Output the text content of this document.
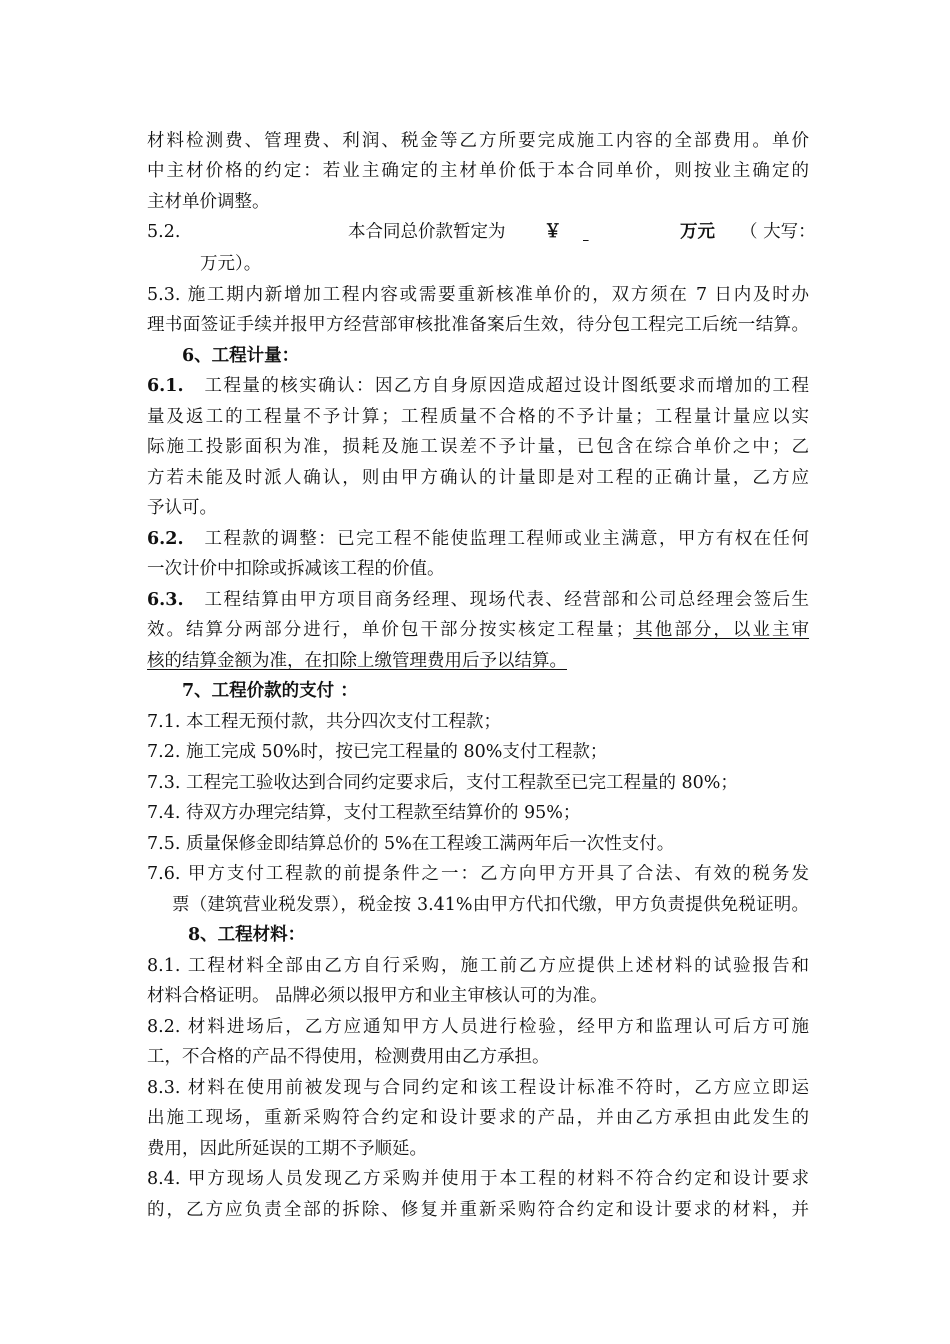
材料检测费、管理费、利润、税金等乙方所要完成施工内容的全部费用。单价
中主材价格的约定：若业主确定的主材单价低于本合同单价，则按业主确定的
主材单价调整。
5.2.	本合同总价款暂定为 ￥
	万元 （ 大写：
万元）。
5.3. 施工期内新增加工程内容或需要重新核准单价的，双方须在 7 日内及时办
理书面签证手续并报甲方经营部审核批准备案后生效，待分包工程完工后统一结算。
6、工程计量：
6.1. 工程量的核实确认：因乙方自身原因造成超过设计图纸要求而增加的工程
量及返工的工程量不予计算；工程质量不合格的不予计量；工程量计量应以实
际施工投影面积为准，损耗及施工误差不予计量，已包含在综合单价之中；乙
方若未能及时派人确认，则由甲方确认的计量即是对工程的正确计量，乙方应
予认可。
6.2. 工程款的调整：已完工程不能使监理工程师或业主满意，甲方有权在任何
一次计价中扣除或拆减该工程的价值。
6.3. 工程结算由甲方项目商务经理、现场代表、经营部和公司总经理会签后生
效。结算分两部分进行，单价包干部分按实核定工程量；其他部分，以业主审
核的结算金额为准，在扣除上缴管理费用后予以结算。
7、工程价款的支付 ：
7.1. 本工程无预付款，共分四次支付工程款；
7.2. 施工完成 50%时，按已完工程量的 80%支付工程款；
7.3. 工程完工验收达到合同约定要求后，支付工程款至已完工程量的 80%；
7.4. 待双方办理完结算，支付工程款至结算价的 95%；
7.5. 质量保修金即结算总价的 5%在工程竣工满两年后一次性支付。
7.6. 甲方支付工程款的前提条件之一：乙方向甲方开具了合法、有效的税务发
票（建筑营业税发票），税金按 3.41%由甲方代扣代缴，甲方负责提供免税证明。
8、工程材料：
8.1. 工程材料全部由乙方自行采购，施工前乙方应提供上述材料的试验报告和
材料合格证明。 品牌必须以报甲方和业主审核认可的为准。
8.2. 材料进场后，乙方应通知甲方人员进行检验，经甲方和监理认可后方可施
工，不合格的产品不得使用，检测费用由乙方承担。
8.3. 材料在使用前被发现与合同约定和该工程设计标准不符时，乙方应立即运
出施工现场，重新采购符合约定和设计要求的产品，并由乙方承担由此发生的
费用，因此所延误的工期不予顺延。
8.4. 甲方现场人员发现乙方采购并使用于本工程的材料不符合约定和设计要求
的，乙方应负责全部的拆除、修复并重新采购符合约定和设计要求的材料，并
